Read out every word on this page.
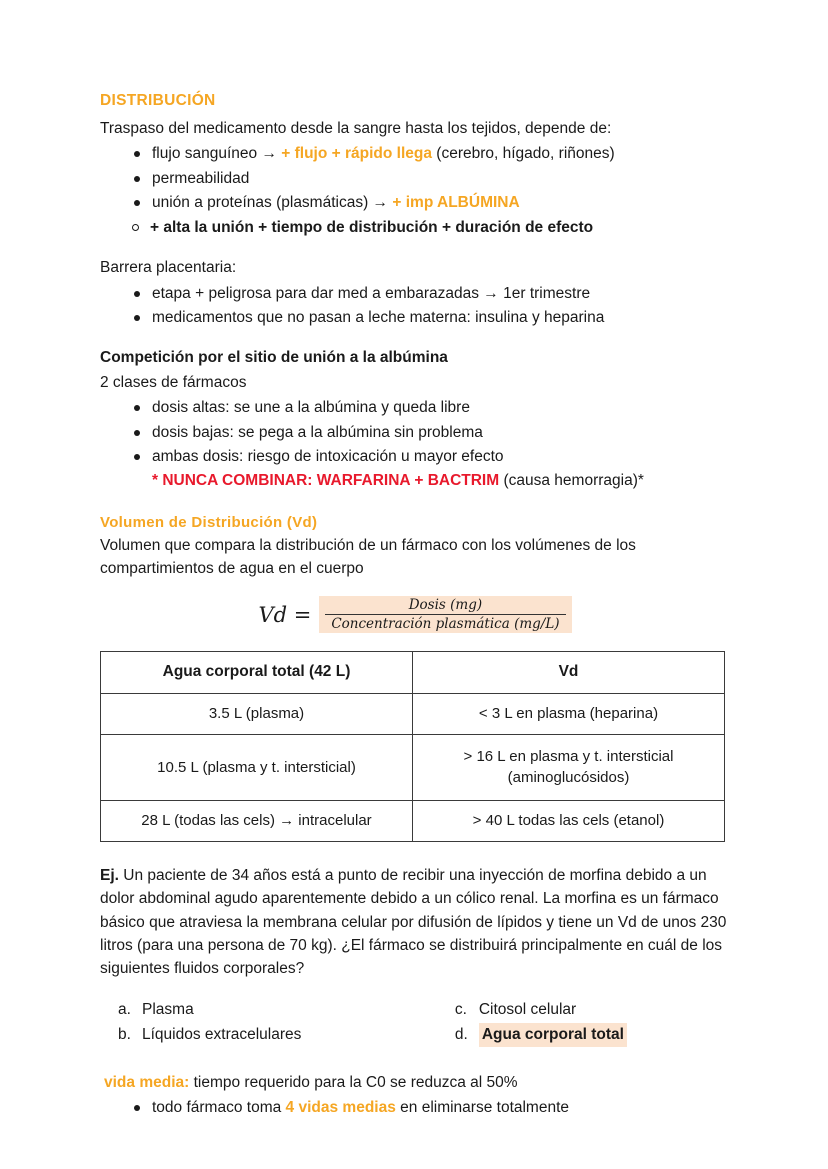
DISTRIBUCIÓN

Traspaso del medicamento desde la sangre hasta los tejidos, depende de:

flujo sanguíneo → + flujo + rápido llega (cerebro, hígado, riñones)
permeabilidad
unión a proteínas (plasmáticas) → + imp ALBÚMINA
+ alta la unión + tiempo de distribución + duración de efecto

Barrera placentaria:

etapa + peligrosa para dar med a embarazadas → 1er trimestre
medicamentos que no pasan a leche materna: insulina y heparina

Competición por el sitio de unión a la albúmina

2 clases de fármacos

dosis altas: se une a la albúmina y queda libre
dosis bajas: se pega a la albúmina sin problema
ambas dosis: riesgo de intoxicación u mayor efecto
* NUNCA COMBINAR: WARFARINA + BACTRIM (causa hemorragia)*
Volumen de Distribución (Vd)

Volumen que compara la distribución de un fármaco con los volúmenes de los compartimientos de agua en el cuerpo

$Vd = \frac{\text{Dosis (mg)}}{\text{Concentración plasmática (mg/L)}}$
Agua corporal total (42 L)	Vd
3.5 L (plasma)	< 3 L en plasma (heparina)
10.5 L (plasma y t. intersticial)	> 16 L en plasma y t. intersticial (aminoglucósidos)
28 L (todas las cels) → intracelular	> 40 L todas las cels (etanol)
Ej. Un paciente de 34 años está a punto de recibir una inyección de morfina debido a un dolor abdominal agudo aparentemente debido a un cólico renal. La morfina es un fármaco básico que atraviesa la membrana celular por difusión de lípidos y tiene un Vd de unos 230 litros (para una persona de 70 kg). ¿El fármaco se distribuirá principalmente en cuál de los siguientes fluidos corporales?
a. Plasma
b. Líquidos extracelulares
c. Citosol celular
d. Agua corporal total
vida media: tiempo requerido para la C0 se reduzca al 50%
todo fármaco toma 4 vidas medias en eliminarse totalmente
